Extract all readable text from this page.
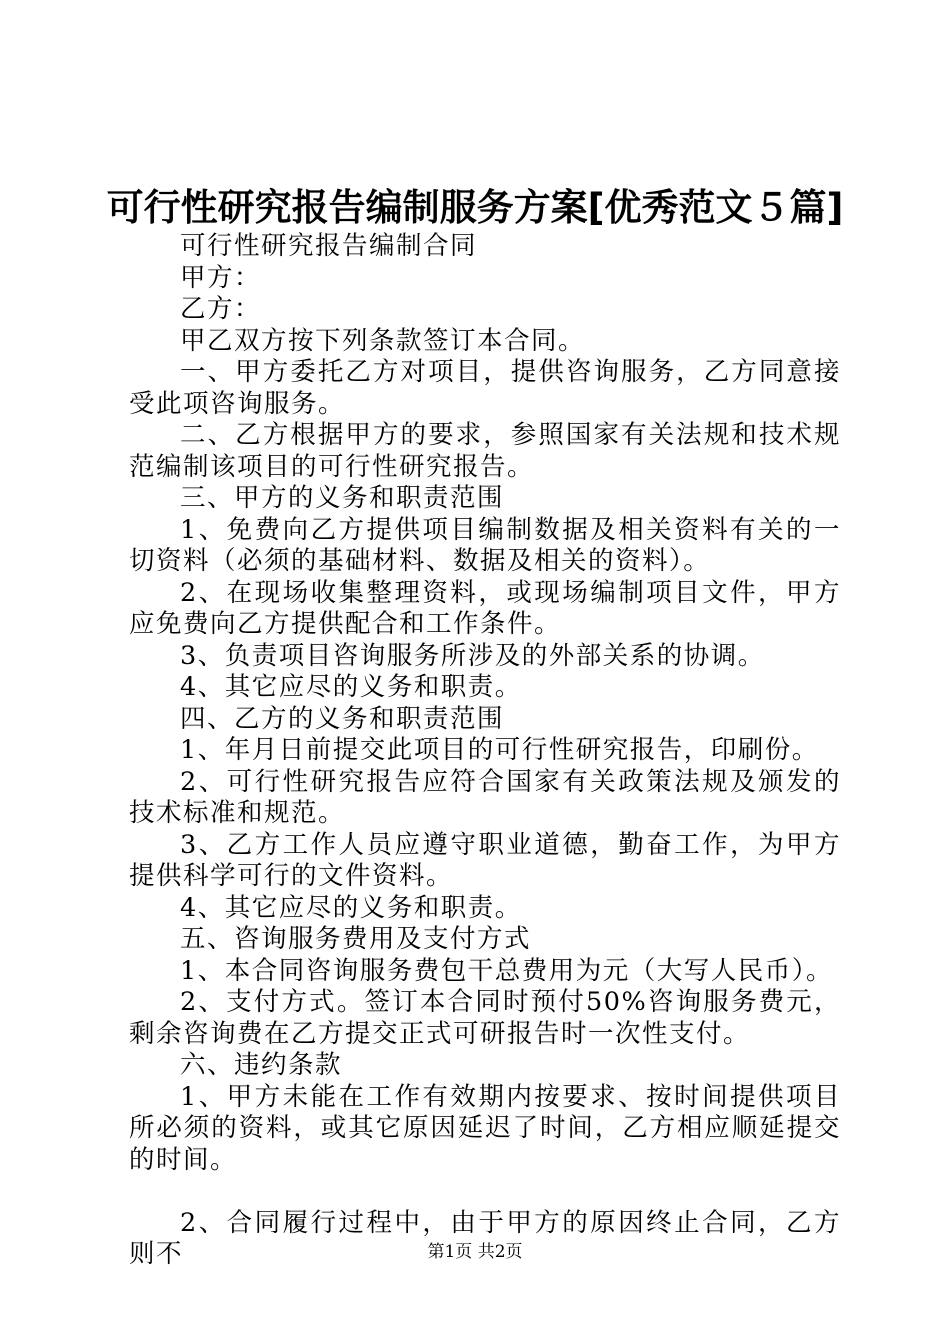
可行性研究报告编制服务方案[优秀范文５篇]

可行性研究报告编制合同

甲方：

乙方：

甲乙双方按下列条款签订本合同。

一、甲方委托乙方对项目，提供咨询服务，乙方同意接受此项咨询服务。

二、乙方根据甲方的要求，参照国家有关法规和技术规范编制该项目的可行性研究报告。

三、甲方的义务和职责范围

1、免费向乙方提供项目编制数据及相关资料有关的一切资料（必须的基础材料、数据及相关的资料）。

2、在现场收集整理资料，或现场编制项目文件，甲方应免费向乙方提供配合和工作条件。

3、负责项目咨询服务所涉及的外部关系的协调。

4、其它应尽的义务和职责。

四、乙方的义务和职责范围

1、年月日前提交此项目的可行性研究报告，印刷份。

2、可行性研究报告应符合国家有关政策法规及颁发的技术标准和规范。

3、乙方工作人员应遵守职业道德，勤奋工作，为甲方提供科学可行的文件资料。

4、其它应尽的义务和职责。

五、咨询服务费用及支付方式

1、本合同咨询服务费包干总费用为元（大写人民币）。

2、支付方式。签订本合同时预付50%咨询服务费元，剩余咨询费在乙方提交正式可研报告时一次性支付。

六、违约条款

1、甲方未能在工作有效期内按要求、按时间提供项目所必须的资料，或其它原因延迟了时间，乙方相应顺延提交的时间。

2、合同履行过程中，由于甲方的原因终止合同，乙方则不	第1页 共2页
